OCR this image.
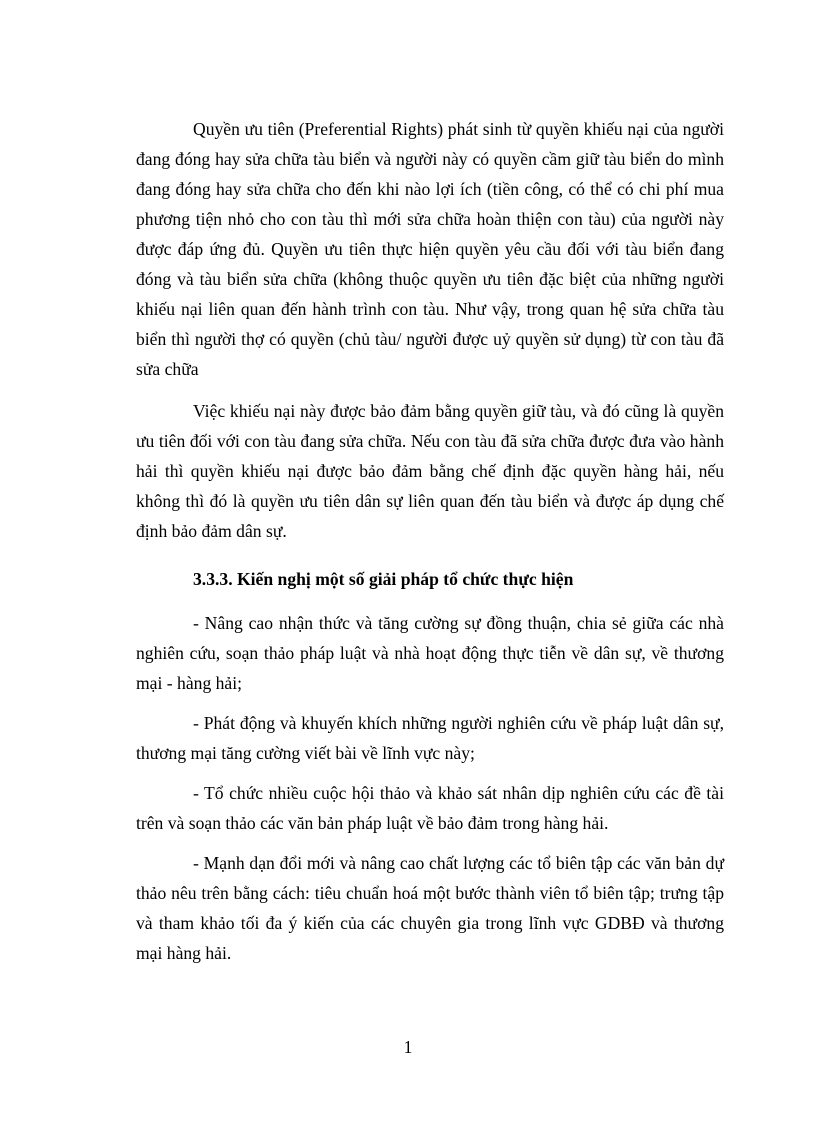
Quyền ưu tiên (Preferential Rights) phát sinh từ quyền khiếu nại của người đang đóng hay sửa chữa tàu biển và người này có quyền cầm giữ tàu biển do mình đang đóng hay sửa chữa cho đến khi nào lợi ích (tiền công, có thể có chi phí mua phương tiện nhỏ cho con tàu thì mới sửa chữa hoàn thiện con tàu) của người này được đáp ứng đủ. Quyền ưu tiên thực hiện quyền yêu cầu đối với tàu biển đang đóng và tàu biển sửa chữa (không thuộc quyền ưu tiên đặc biệt của những người khiếu nại liên quan đến hành trình con tàu. Như vậy, trong quan hệ sửa chữa tàu biển thì người thợ có quyền (chủ tàu/ người được uỷ quyền sử dụng) từ con tàu đã sửa chữa

Việc khiếu nại này được bảo đảm bằng quyền giữ tàu, và đó cũng là quyền ưu tiên đối với con tàu đang sửa chữa. Nếu con tàu đã sửa chữa được đưa vào hành hải thì quyền khiếu nại được bảo đảm bằng chế định đặc quyền hàng hải, nếu không thì đó là quyền ưu tiên dân sự liên quan đến tàu biển và được áp dụng chế định bảo đảm dân sự.

3.3.3. Kiến nghị một số giải pháp tổ chức thực hiện

- Nâng cao nhận thức và tăng cường sự đồng thuận, chia sẻ giữa các nhà nghiên cứu, soạn thảo pháp luật và nhà hoạt động thực tiễn về dân sự, về thương mại - hàng hải;

- Phát động và khuyến khích những người nghiên cứu về pháp luật dân sự, thương mại tăng cường viết bài về lĩnh vực này;

- Tổ chức nhiều cuộc hội thảo và khảo sát nhân dịp nghiên cứu các đề tài trên và soạn thảo các văn bản pháp luật về bảo đảm trong hàng hải.

- Mạnh dạn đổi mới và nâng cao chất lượng các tổ biên tập các văn bản dự thảo nêu trên bằng cách: tiêu chuẩn hoá một bước thành viên tổ biên tập; trưng tập và tham khảo tối đa ý kiến của các chuyên gia trong lĩnh vực GDBĐ và thương mại hàng hải.

1
